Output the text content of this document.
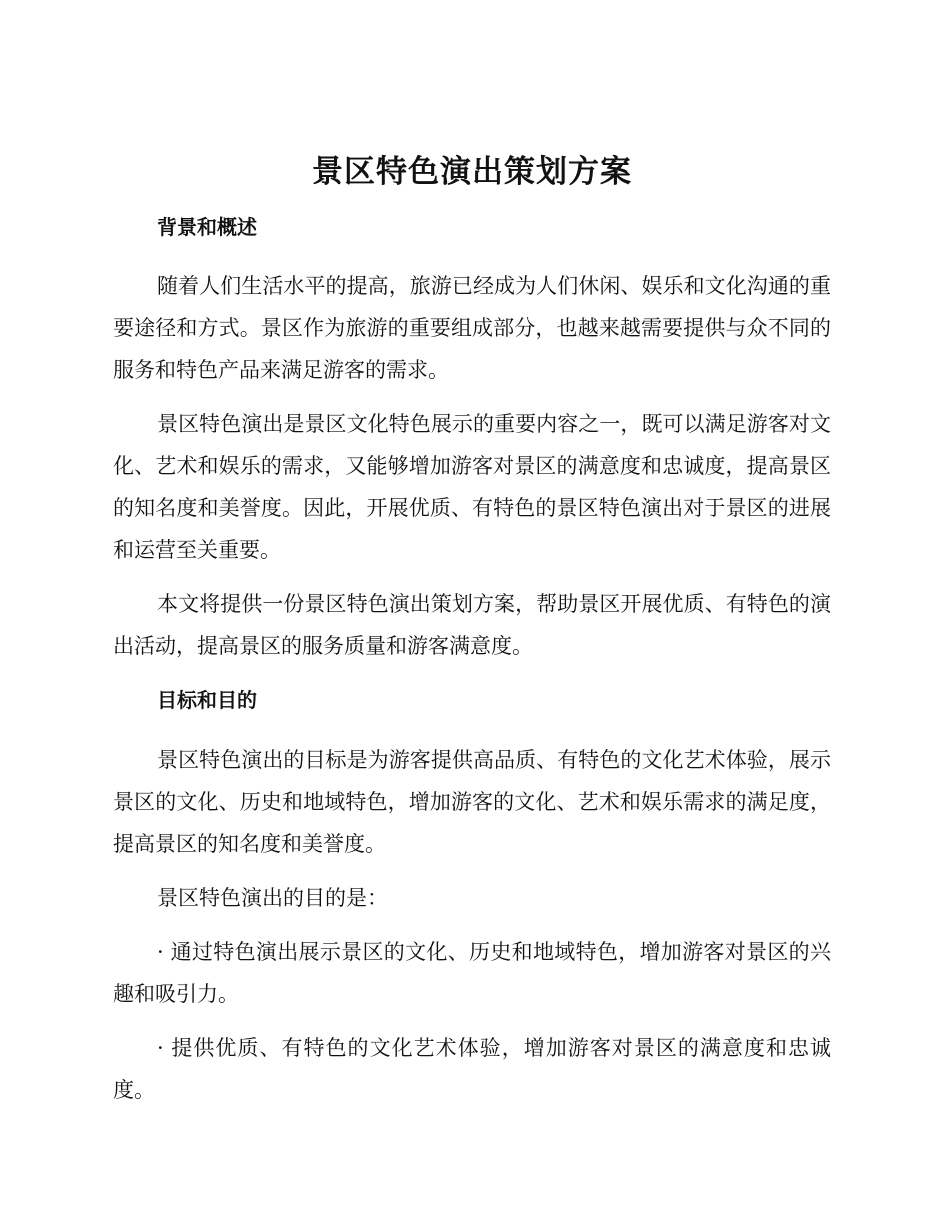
景区特色演出策划方案
背景和概述

随着人们生活水平的提高，旅游已经成为人们休闲、娱乐和文化沟通的重要途径和方式。景区作为旅游的重要组成部分，也越来越需要提供与众不同的服务和特色产品来满足游客的需求。

景区特色演出是景区文化特色展示的重要内容之一，既可以满足游客对文化、艺术和娱乐的需求，又能够增加游客对景区的满意度和忠诚度，提高景区的知名度和美誉度。因此，开展优质、有特色的景区特色演出对于景区的进展和运营至关重要。

本文将提供一份景区特色演出策划方案，帮助景区开展优质、有特色的演出活动，提高景区的服务质量和游客满意度。

目标和目的

景区特色演出的目标是为游客提供高品质、有特色的文化艺术体验，展示景区的文化、历史和地域特色，增加游客的文化、艺术和娱乐需求的满足度，提高景区的知名度和美誉度。

景区特色演出的目的是：

· 通过特色演出展示景区的文化、历史和地域特色，增加游客对景区的兴趣和吸引力。

· 提供优质、有特色的文化艺术体验，增加游客对景区的满意度和忠诚度。
